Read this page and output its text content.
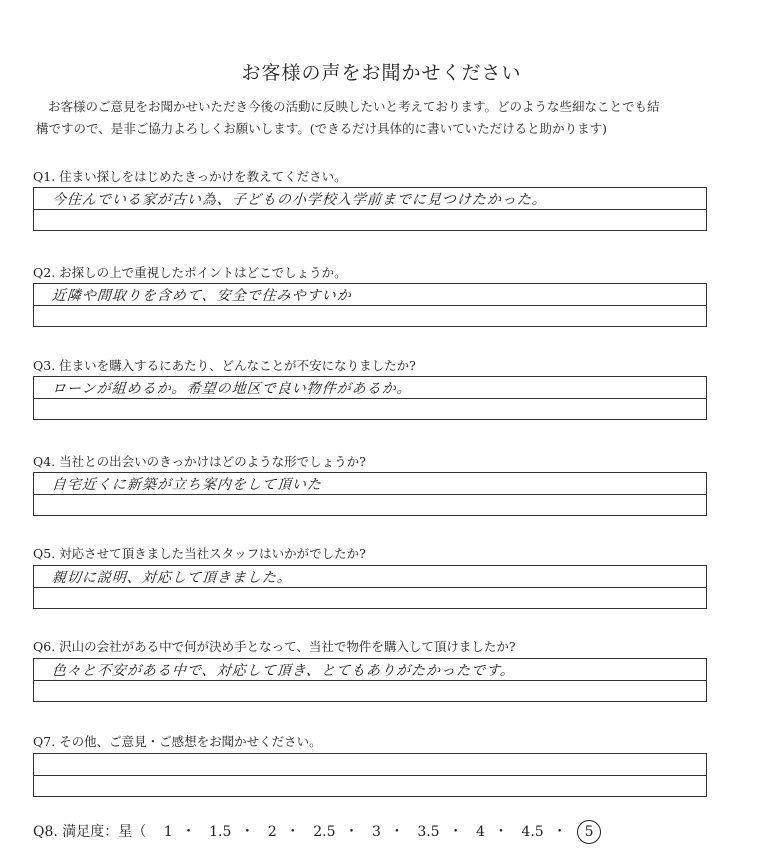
お客様の声をお聞かせください
お客様のご意見をお聞かせいただき今後の活動に反映したいと考えております。どのような些細なことでも結
構ですので、是非ご協力よろしくお願いします。(できるだけ具体的に書いていただけると助かります)
Q1. 住まい探しをはじめたきっかけを教えてください。
今住んでいる家が古い為、子どもの小学校入学前までに見つけたかった。
Q2. お探しの上で重視したポイントはどこでしょうか。
近隣や間取りを含めて、安全で住みやすいか
Q3. 住まいを購入するにあたり、どんなことが不安になりましたか?
ローンが組めるか。希望の地区で良い物件があるか。
Q4. 当社との出会いのきっかけはどのような形でしょうか?
自宅近くに新築が立ち案内をして頂いた
Q5. 対応させて頂きました当社スタッフはいかがでしたか?
親切に説明、対応して頂きました。
Q6. 沢山の会社がある中で何が決め手となって、当社で物件を購入して頂けましたか?
色々と不安がある中で、対応して頂き、とてもありがたかったです。
Q7. その他、ご意見・ご感想をお聞かせください。
Q8. 満足度：星（ 1 ・ 1.5 ・ 2 ・ 2.5 ・ 3 ・ 3.5 ・ 4 ・ 4.5 ・ 5
